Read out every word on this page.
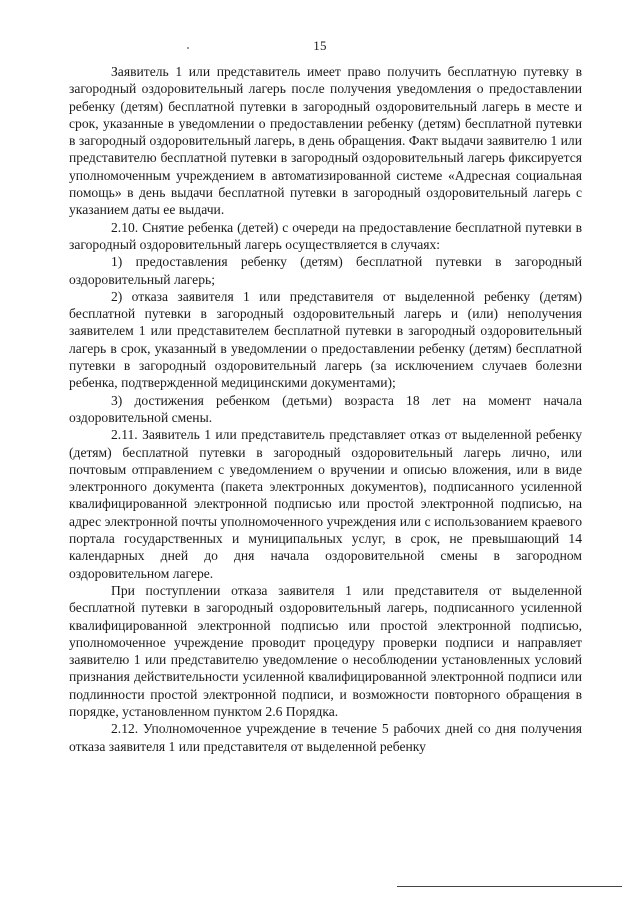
15

Заявитель 1 или представитель имеет право получить бесплатную путевку в загородный оздоровительный лагерь после получения уведомления о предоставлении ребенку (детям) бесплатной путевки в загородный оздоровительный лагерь в месте и срок, указанные в уведомлении о предоставлении ребенку (детям) бесплатной путевки в загородный оздоровительный лагерь, в день обращения. Факт выдачи заявителю 1 или представителю бесплатной путевки в загородный оздоровительный лагерь фиксируется уполномоченным учреждением в автоматизированной системе «Адресная социальная помощь» в день выдачи бесплатной путевки в загородный оздоровительный лагерь с указанием даты ее выдачи.

2.10. Снятие ребенка (детей) с очереди на предоставление бесплатной путевки в загородный оздоровительный лагерь осуществляется в случаях:

1) предоставления ребенку (детям) бесплатной путевки в загородный оздоровительный лагерь;

2) отказа заявителя 1 или представителя от выделенной ребенку (детям) бесплатной путевки в загородный оздоровительный лагерь и (или) неполучения заявителем 1 или представителем бесплатной путевки в загородный оздоровительный лагерь в срок, указанный в уведомлении о предоставлении ребенку (детям) бесплатной путевки в загородный оздоровительный лагерь (за исключением случаев болезни ребенка, подтвержденной медицинскими документами);

3) достижения ребенком (детьми) возраста 18 лет на момент начала оздоровительной смены.

2.11. Заявитель 1 или представитель представляет отказ от выделенной ребенку (детям) бесплатной путевки в загородный оздоровительный лагерь лично, или почтовым отправлением с уведомлением о вручении и описью вложения, или в виде электронного документа (пакета электронных документов), подписанного усиленной квалифицированной электронной подписью или простой электронной подписью, на адрес электронной почты уполномоченного учреждения или с использованием краевого портала государственных и муниципальных услуг, в срок, не превышающий 14 календарных дней до дня начала оздоровительной смены в загородном оздоровительном лагере.

При поступлении отказа заявителя 1 или представителя от выделенной бесплатной путевки в загородный оздоровительный лагерь, подписанного усиленной квалифицированной электронной подписью или простой электронной подписью, уполномоченное учреждение проводит процедуру проверки подписи и направляет заявителю 1 или представителю уведомление о несоблюдении установленных условий признания действительности усиленной квалифицированной электронной подписи или подлинности простой электронной подписи, и возможности повторного обращения в порядке, установленном пунктом 2.6 Порядка.

2.12. Уполномоченное учреждение в течение 5 рабочих дней со дня получения отказа заявителя 1 или представителя от выделенной ребенку
